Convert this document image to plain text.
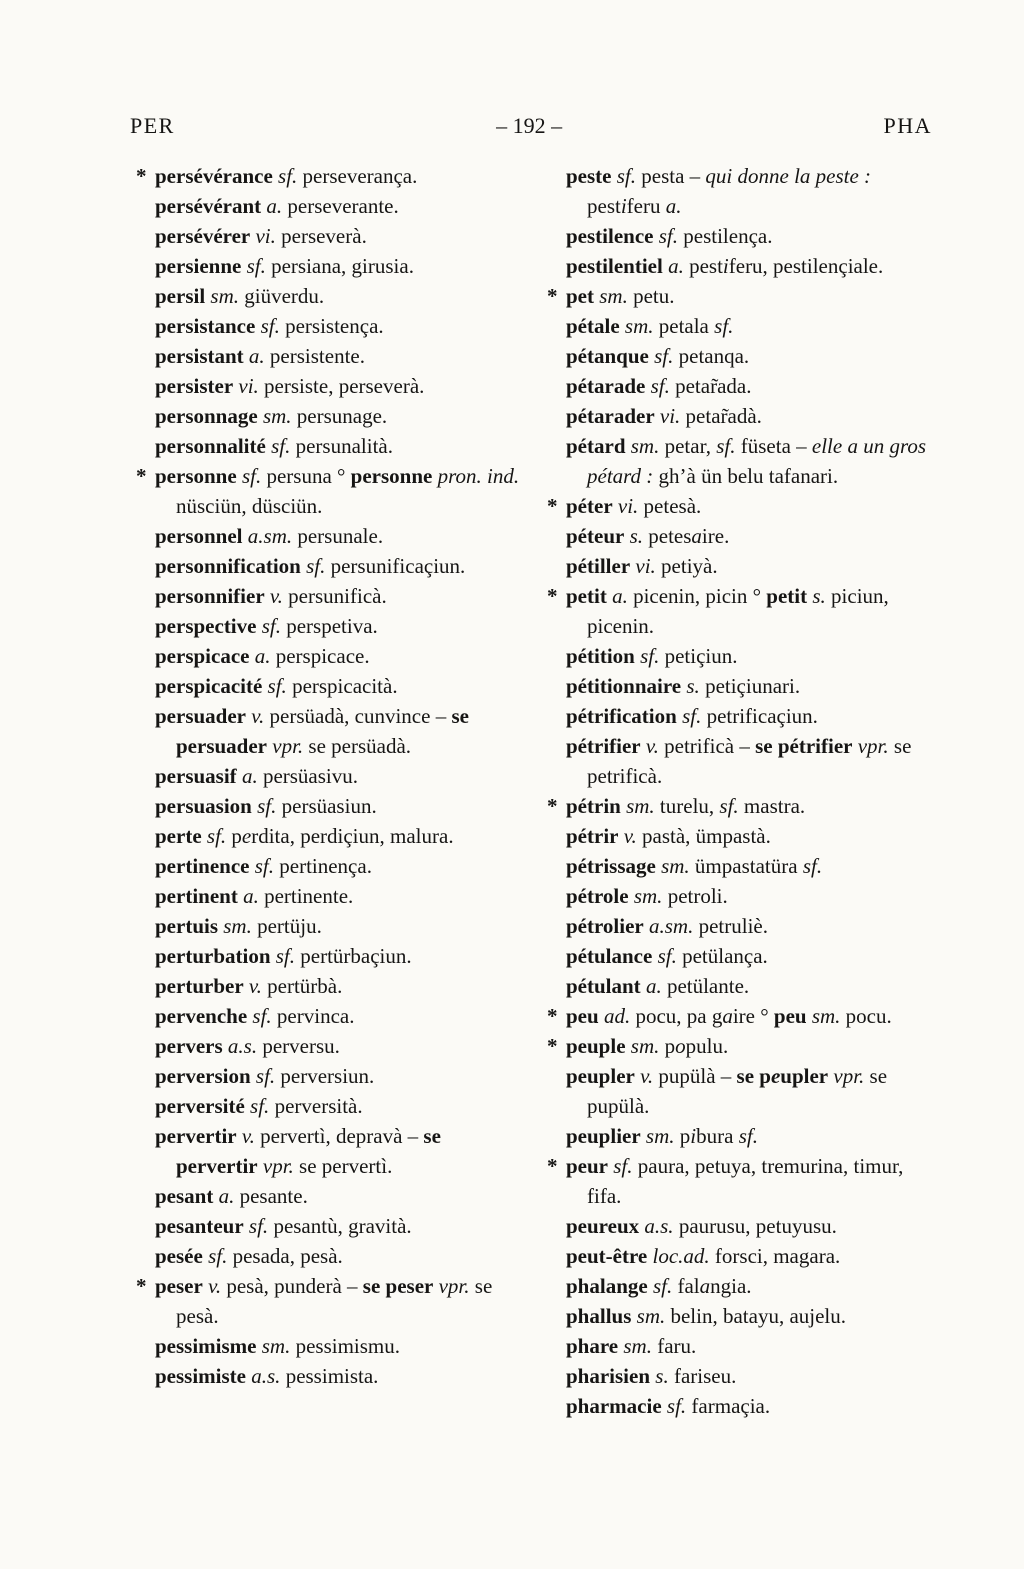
PER	– 192 –	PHA
* persévérance sf. perseverança.
persévérant a. perseverante.
persévérer vi. perseverà.
persienne sf. persiana, girusia.
persil sm. giüverdu.
persistance sf. persistença.
persistant a. persistente.
persister vi. persiste, perseverà.
personnage sm. persunage.
personnalité sf. persunalità.
* personne sf. persuna ° personne pron. ind. nüsciün, düsciün.
personnel a.sm. persunale.
personnification sf. persunificaçiun.
personnifier v. persunificà.
perspective sf. perspetiva.
perspicace a. perspicace.
perspicacité sf. perspicacità.
persuader v. persüadà, cunvince – se persuader vpr. se persüadà.
persuasif a. persüasivu.
persuasion sf. persüasiun.
perte sf. perdita, perdiçiun, malura.
pertinence sf. pertinença.
pertinent a. pertinente.
pertuis sm. pertüju.
perturbation sf. pertürbaçiun.
perturber v. pertürbà.
pervenche sf. pervinca.
pervers a.s. perversu.
perversion sf. perversiun.
perversité sf. perversità.
pervertir v. pervertì, depravà – se pervertir vpr. se pervertì.
pesant a. pesante.
pesanteur sf. pesantù, gravità.
pesée sf. pesada, pesà.
* peser v. pesà, punderà – se peser vpr. se pesà.
pessimisme sm. pessimismu.
pessimiste a.s. pessimista.
peste sf. pesta – qui donne la peste : pestiferu a.
pestilence sf. pestilença.
pestilentiel a. pestiferu, pestilençiale.
* pet sm. petu.
pétale sm. petala sf.
pétanque sf. petanqa.
pétarade sf. petar̃ada.
pétarader vi. petar̃adà.
pétard sm. petar, sf. füseta – elle a un gros pétard : gh’à ün belu tafanari.
* péter vi. petesà.
péteur s. petesaire.
pétiller vi. petiyà.
* petit a. picenin, picin ° petit s. piciun, picenin.
pétition sf. petiçiun.
pétitionnaire s. petiçiunari.
pétrification sf. petrificaçiun.
pétrifier v. petrificà – se pétrifier vpr. se petrificà.
* pétrin sm. turelu, sf. mastra.
pétrir v. pastà, ümpastà.
pétrissage sm. ümpastatüra sf.
pétrole sm. petroli.
pétrolier a.sm. petruliè.
pétulance sf. petülança.
pétulant a. petülante.
* peu ad. pocu, pa gaire ° peu sm. pocu.
* peuple sm. populu.
peupler v. pupülà – se peupler vpr. se pupülà.
peuplier sm. pibura sf.
* peur sf. paura, petuya, tremurina, timur, fifa.
peureux a.s. paurusu, petuyusu.
peut-être loc.ad. forsci, magara.
phalange sf. falangia.
phallus sm. belin, batayu, aujelu.
phare sm. faru.
pharisien s. fariseu.
pharmacie sf. farmaçia.
